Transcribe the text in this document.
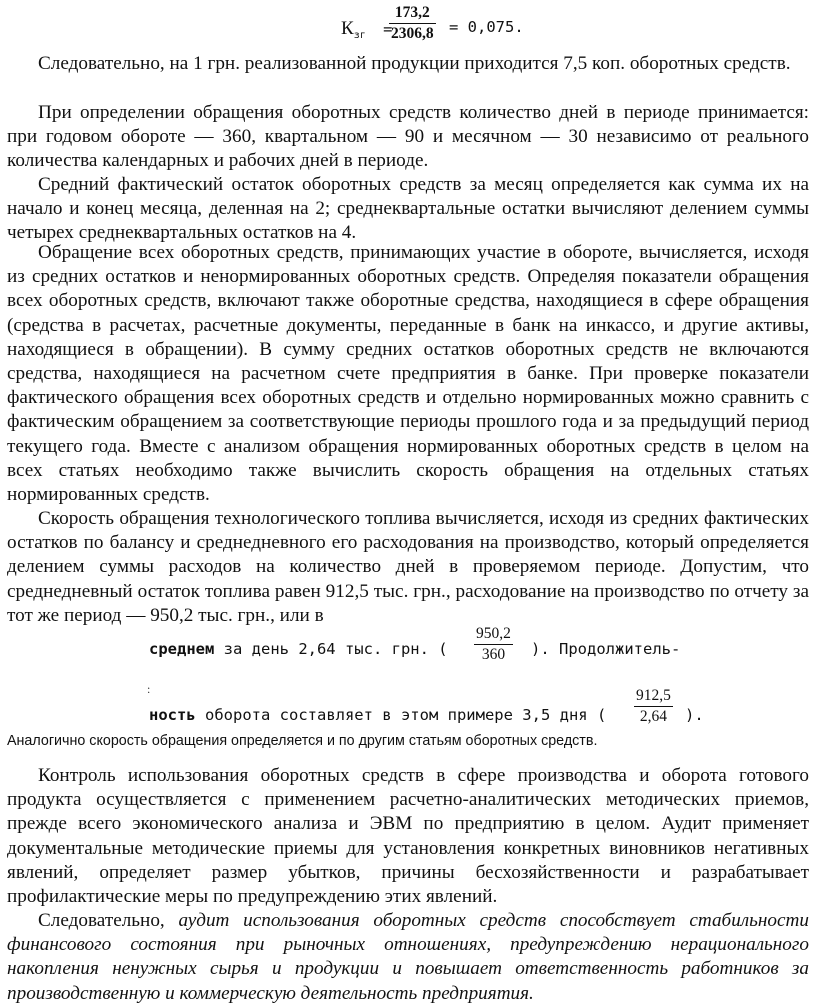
$К_{зг}$ =
173,2
2306,8 = 0,075.

Следовательно, на 1 грн. реализованной продукции приходится 7,5 коп. оборотных средств.

При определении обращения оборотных средств количество дней в периоде принимается: при годовом обороте — 360, квартальном — 90 и месячном — 30 независимо от реального количества календарных и рабочих дней в периоде.

Средний фактический остаток оборотных средств за месяц определяется как сумма их на начало и конец месяца, деленная на 2; среднеквартальные остатки вычисляют делением суммы четырех среднеквартальных остатков на 4.

Обращение всех оборотных средств, принимающих участие в обороте, вычисляется, исходя из средних остатков и ненормированных оборотных средств. Определяя показатели обращения всех оборотных средств, включают также оборотные средства, находящиеся в сфере обращения (средства в расчетах, расчетные документы, переданные в банк на инкассо, и другие активы, находящиеся в обращении). В сумму средних остатков оборотных средств не включаются средства, находящиеся на расчетном счете предприятия в банке. При проверке показатели фактического обращения всех оборотных средств и отдельно нормированных можно сравнить с фактическим обращением за соответствующие периоды прошлого года и за предыдущий период текущего года. Вместе с анализом обращения нормированных оборотных средств в целом на всех статьях необходимо также вычислить скорость обращения на отдельных статьях нормированных средств.

Скорость обращения технологического топлива вычисляется, исходя из средних фактических остатков по балансу и среднедневного его расходования на производство, который определяется делением суммы расходов на количество дней в проверяемом периоде. Допустим, что среднедневный остаток топлива равен 912,5 тыс. грн., расходование на производство по отчету за тот же период — 950,2 тыс. грн., или в

среднем за день 2,64 тыс. грн. (
950,2
360	). Продолжитель-
:
ность оборота составляет в этом примере 3,5 дня (
912,5
2,64	).
Аналогично скорость обращения определяется и по другим статьям оборотных средств.

Контроль использования оборотных средств в сфере производства и оборота готового продукта осуществляется с применением расчетно-аналитических методических приемов, прежде всего экономического анализа и ЭВМ по предприятию в целом. Аудит применяет документальные методические приемы для установления конкретных виновников негативных явлений, определяет размер убытков, причины бесхозяйственности и разрабатывает профилактические меры по предупреждению этих явлений.

Следовательно, аудит использования оборотных средств способствует стабильности финансового состояния при рыночных отношениях, предупреждению нерационального накопления ненужных сырья и продукции и повышает ответственность работников за производственную и коммерческую деятельность предприятия.
